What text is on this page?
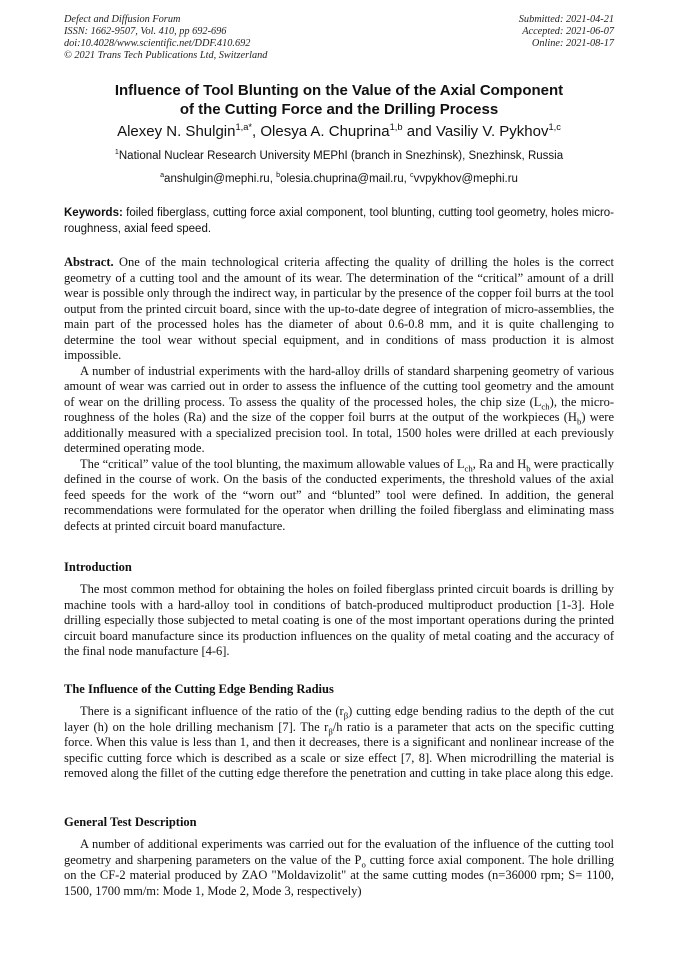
Defect and Diffusion Forum
ISSN: 1662-9507, Vol. 410, pp 692-696
doi:10.4028/www.scientific.net/DDF.410.692
© 2021 Trans Tech Publications Ltd, Switzerland
Submitted: 2021-04-21
Accepted: 2021-06-07
Online: 2021-08-17
Influence of Tool Blunting on the Value of the Axial Component
of the Cutting Force and the Drilling Process
Alexey N. Shulgin$^{1,a*}$, Olesya A. Chuprina$^{1,b}$ and Vasiliy V. Pykhov$^{1,c}$
$^1$National Nuclear Research University MEPhI (branch in Snezhinsk), Snezhinsk, Russia
$^a$anshulgin@mephi.ru, $^b$olesia.chuprina@mail.ru, $^c$vvpykhov@mephi.ru
Keywords: foiled fiberglass, cutting force axial component, tool blunting, cutting tool geometry, holes micro-roughness, axial feed speed.

Abstract. One of the main technological criteria affecting the quality of drilling the holes is the correct geometry of a cutting tool and the amount of its wear. The determination of the “critical” amount of a drill wear is possible only through the indirect way, in particular by the presence of the copper foil burrs at the tool output from the printed circuit board, since with the up-to-date degree of integration of micro-assemblies, the main part of the processed holes has the diameter of about 0.6-0.8 mm, and it is quite challenging to determine the tool wear without special equipment, and in conditions of mass production it is almost impossible.

A number of industrial experiments with the hard-alloy drills of standard sharpening geometry of various amount of wear was carried out in order to assess the influence of the cutting tool geometry and the amount of wear on the drilling process. To assess the quality of the processed holes, the chip size $(L_{ch})$, the micro-roughness of the holes (Ra) and the size of the copper foil burrs at the output of the workpieces $(H_b)$ were additionally measured with a specialized precision tool. In total, 1500 holes were drilled at each previously determined operating mode.

The “critical” value of the tool blunting, the maximum allowable values of $L_{ch}$, Ra and $H_b$ were practically defined in the course of work. On the basis of the conducted experiments, the threshold values of the axial feed speeds for the work of the “worn out” and “blunted” tool were defined. In addition, the general recommendations were formulated for the operator when drilling the foiled fiberglass and eliminating mass defects at printed circuit board manufacture.

Introduction

The most common method for obtaining the holes on foiled fiberglass printed circuit boards is drilling by machine tools with a hard-alloy tool in conditions of batch-produced multiproduct production [1-3]. Hole drilling especially those subjected to metal coating is one of the most important operations during the printed circuit board manufacture since its production influences on the quality of metal coating and the accuracy of the final node manufacture [4-6].

The Influence of the Cutting Edge Bending Radius

There is a significant influence of the ratio of the $(r_\beta)$ cutting edge bending radius to the depth of the cut layer (h) on the hole drilling mechanism [7]. The $r_\beta/h$ ratio is a parameter that acts on the specific cutting force. When this value is less than 1, and then it decreases, there is a significant and nonlinear increase of the specific cutting force which is described as a scale or size effect [7, 8]. When microdrilling the material is removed along the fillet of the cutting edge therefore the penetration and cutting in take place along this edge.

General Test Description

A number of additional experiments was carried out for the evaluation of the influence of the cutting tool geometry and sharpening parameters on the value of the $P_o$ cutting force axial component. The hole drilling on the CF-2 material produced by ZAO "Moldavizolit" at the same cutting modes (n=36000 rpm; S= 1100, 1500, 1700 mm/m: Mode 1, Mode 2, Mode 3, respectively)
